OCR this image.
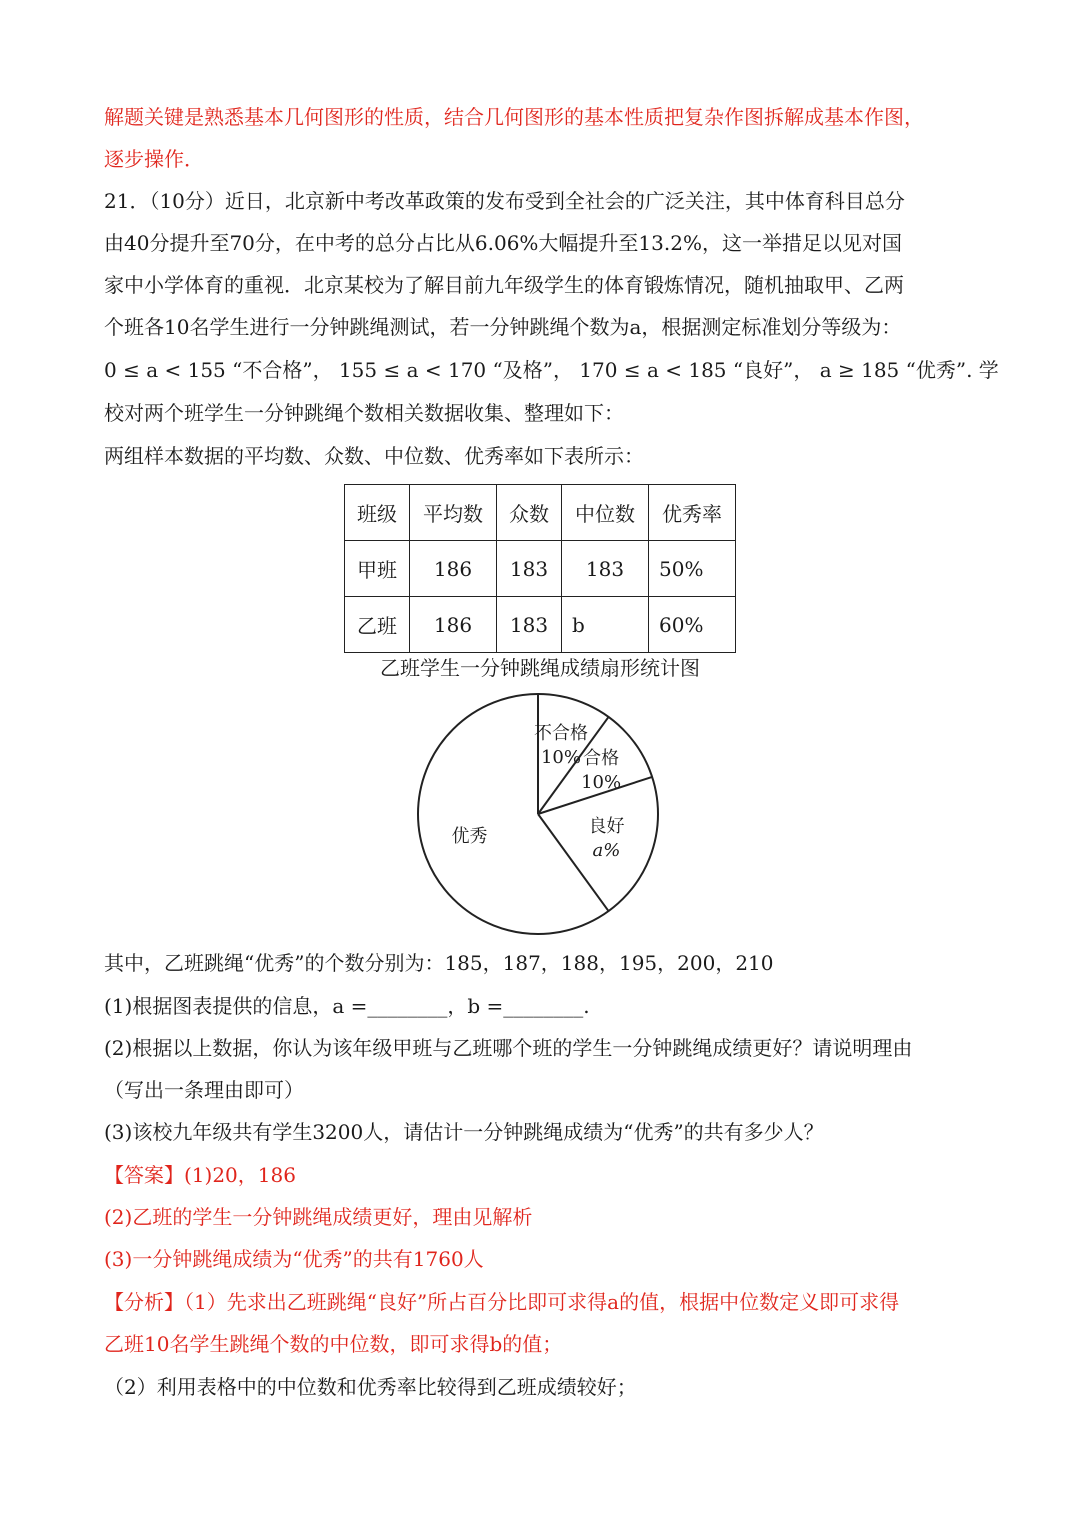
解题关键是熟悉基本几何图形的性质，结合几何图形的基本性质把复杂作图拆解成基本作图，
逐步操作．
21．（10分）近日，北京新中考改革政策的发布受到全社会的广泛关注，其中体育科目总分
由40分提升至70分，在中考的总分占比从6.06%大幅提升至13.2%，这一举措足以见对国
家中小学体育的重视．北京某校为了解目前九年级学生的体育锻炼情况，随机抽取甲、乙两
个班各10名学生进行一分钟跳绳测试，若一分钟跳绳个数为a，根据测定标准划分等级为：
0 ≤ a < 155 “不合格”， 155 ≤ a < 170 “及格”， 170 ≤ a < 185 “良好”， a ≥ 185 “优秀”. 学
校对两个班学生一分钟跳绳个数相关数据收集、整理如下：
两组样本数据的平均数、众数、中位数、优秀率如下表所示：
班级	平均数	众数	中位数	优秀率
甲班	186	183	183	50%
乙班	186	183	b	60%
乙班学生一分钟跳绳成绩扇形统计图
不合格
10% 合格
10%
良好
a%
优秀
其中，乙班跳绳“优秀”的个数分别为：185，187，188，195，200，210
(1)根据图表提供的信息，a =________，b =________.
(2)根据以上数据，你认为该年级甲班与乙班哪个班的学生一分钟跳绳成绩更好？请说明理由
（写出一条理由即可）
(3)该校九年级共有学生3200人，请估计一分钟跳绳成绩为“优秀”的共有多少人？
【答案】(1)20，186
(2)乙班的学生一分钟跳绳成绩更好，理由见解析
(3)一分钟跳绳成绩为“优秀”的共有1760人
【分析】（1）先求出乙班跳绳“良好”所占百分比即可求得a的值，根据中位数定义即可求得
乙班10名学生跳绳个数的中位数，即可求得b的值；
（2）利用表格中的中位数和优秀率比较得到乙班成绩较好；
